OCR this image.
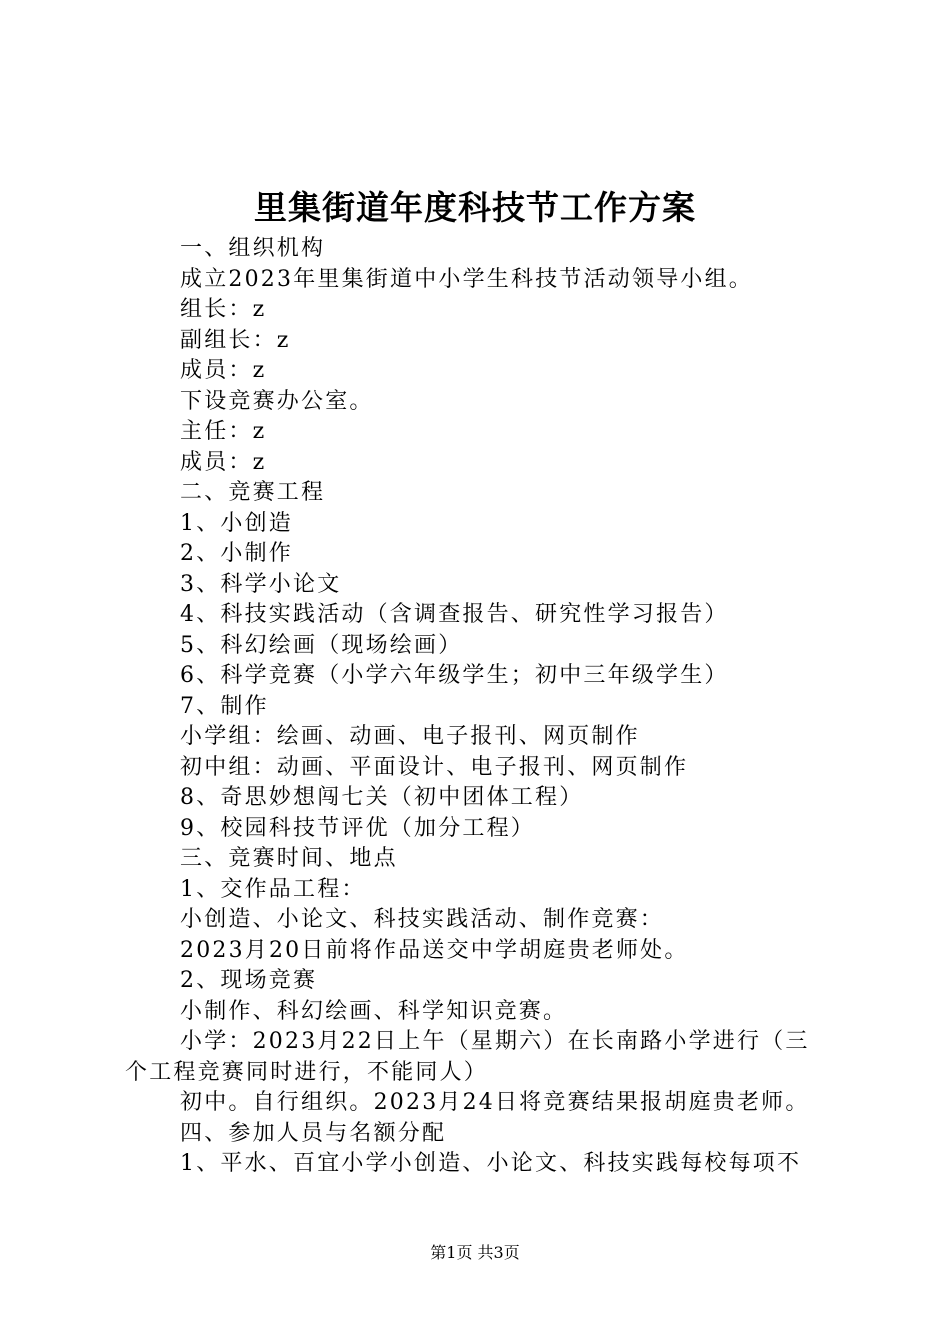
里集街道年度科技节工作方案
一、组织机构
成立2023年里集街道中小学生科技节活动领导小组。
组长：z
副组长：z
成员：z
下设竞赛办公室。
主任：z
成员：z
二、竞赛工程
1、小创造
2、小制作
3、科学小论文
4、科技实践活动（含调查报告、研究性学习报告）
5、科幻绘画（现场绘画）
6、科学竞赛（小学六年级学生；初中三年级学生）
7、制作
小学组：绘画、动画、电子报刊、网页制作
初中组：动画、平面设计、电子报刊、网页制作
8、奇思妙想闯七关（初中团体工程）
9、校园科技节评优（加分工程）
三、竞赛时间、地点
1、交作品工程：
小创造、小论文、科技实践活动、制作竞赛：
2023月20日前将作品送交中学胡庭贵老师处。
2、现场竞赛
小制作、科幻绘画、科学知识竞赛。
小学：2023月22日上午（星期六）在长南路小学进行（三
个工程竞赛同时进行，不能同人）
初中。自行组织。2023月24日将竞赛结果报胡庭贵老师。
四、参加人员与名额分配
1、平水、百宜小学小创造、小论文、科技实践每校每项不
第1页 共3页
